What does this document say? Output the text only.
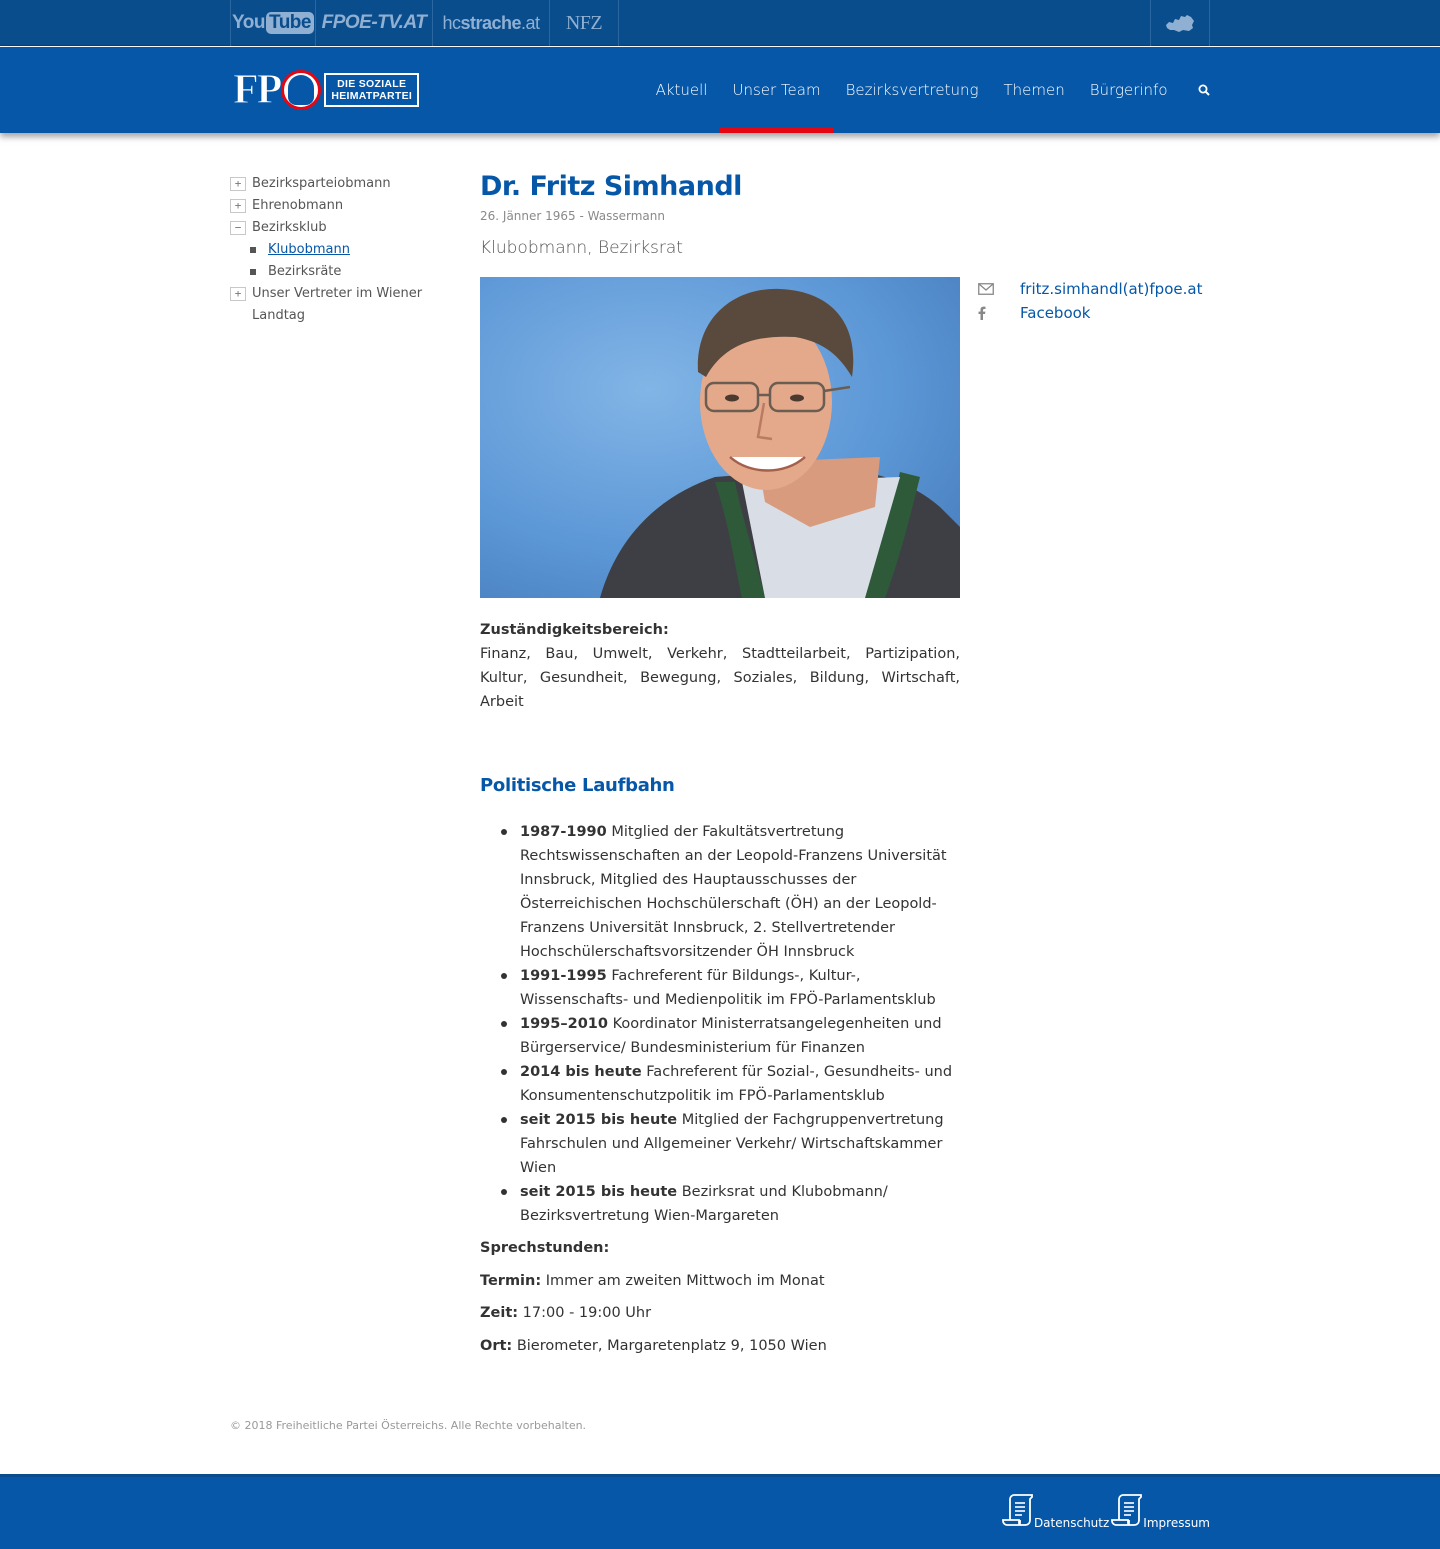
You Tube FPOE-TV.AT hc strache .at	NFZ
FP	DIE SOZIALE
HEIMATPARTEI	Aktuell	Unser Team	Bezirksvertretung	Themen	Bürgerinfo
+ Bezirksparteiobmann
+ Ehrenobmann
− Bezirksklub
Klubobmann
Bezirksräte
+ Unser Vertreter im Wiener Landtag
Dr. Fritz Simhandl
26. Jänner 1965 - Wassermann
Klubobmann, Bezirksrat
fritz.simhandl(at)fpoe.at
Facebook
Zuständigkeitsbereich:
Finanz, Bau, Umwelt, Verkehr, Stadtteilarbeit, Partizipation, Kultur, Gesundheit, Bewegung, Soziales, Bildung, Wirtschaft, Arbeit
Politische Laufbahn
1987-1990 Mitglied der Fakultätsvertretung Rechtswissenschaften an der Leopold-Franzens Universität Innsbruck, Mitglied des Hauptausschusses der Österreichischen Hochschülerschaft (ÖH) an der Leopold-Franzens Universität Innsbruck, 2. Stellvertretender Hochschülerschaftsvorsitzender ÖH Innsbruck
1991-1995 Fachreferent für Bildungs-, Kultur-, Wissenschafts- und Medienpolitik im FPÖ-Parlamentsklub
1995–2010 Koordinator Ministerratsangelegenheiten und Bürgerservice/ Bundesministerium für Finanzen
2014 bis heute Fachreferent für Sozial-, Gesundheits- und Konsumentenschutzpolitik im FPÖ-Parlamentsklub
seit 2015 bis heute Mitglied der Fachgruppenvertretung Fahrschulen und Allgemeiner Verkehr/ Wirtschaftskammer Wien
seit 2015 bis heute Bezirksrat und Klubobmann/ Bezirksvertretung Wien-Margareten

Sprechstunden:

Termin: Immer am zweiten Mittwoch im Monat

Zeit: 17:00 - 19:00 Uhr

Ort: Bierometer, Margaretenplatz 9, 1050 Wien

© 2018 Freiheitliche Partei Österreichs. Alle Rechte vorbehalten.
Datenschutz	Impressum
